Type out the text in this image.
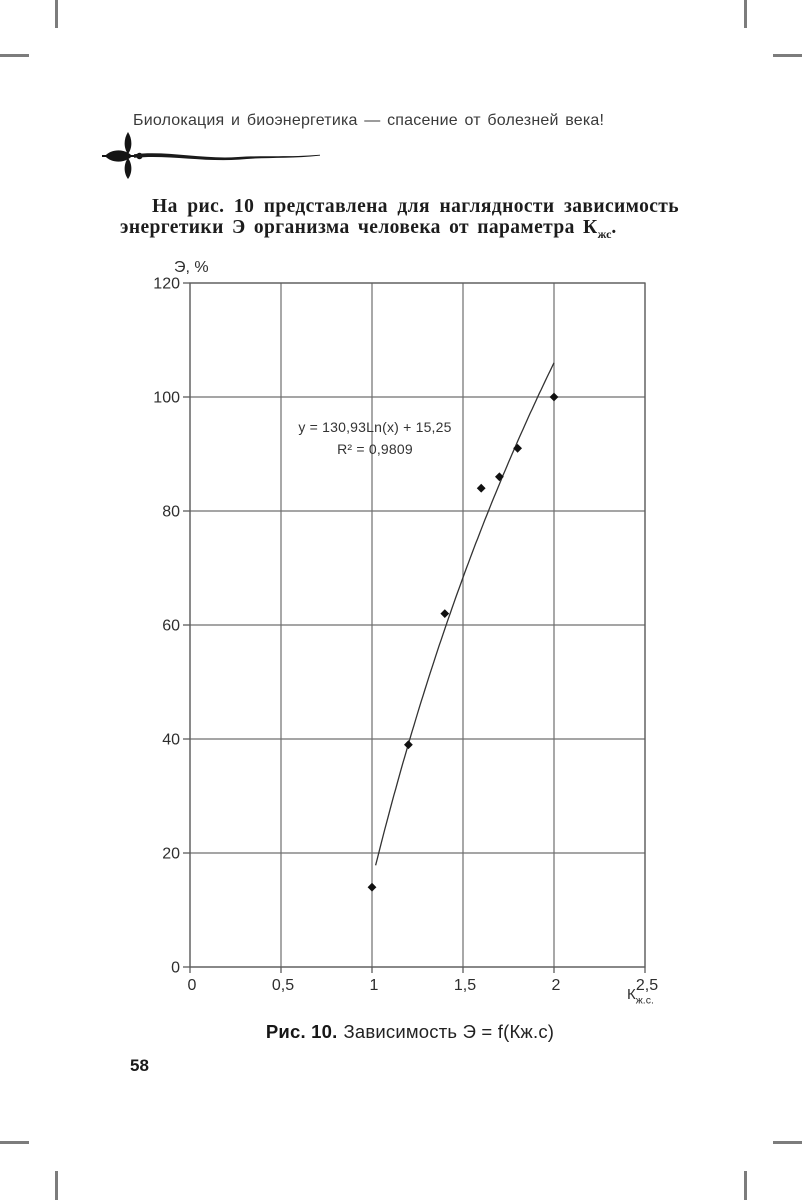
Биолокация и биоэнергетика — спасение от болезней века!
На рис. 10 представлена для наглядности зависимость
энергетики Э организма человека от параметра $К_{жс}$.
0
20
40
60
80
100
120
0	0,5	1	1,5	2	2,5
Э, %
$К_{ж.с.}$
y = 130,93Ln(x) + 15,25
R² = 0,9809
Рис. 10. Зависимость Э = f(Кж.с)
58
